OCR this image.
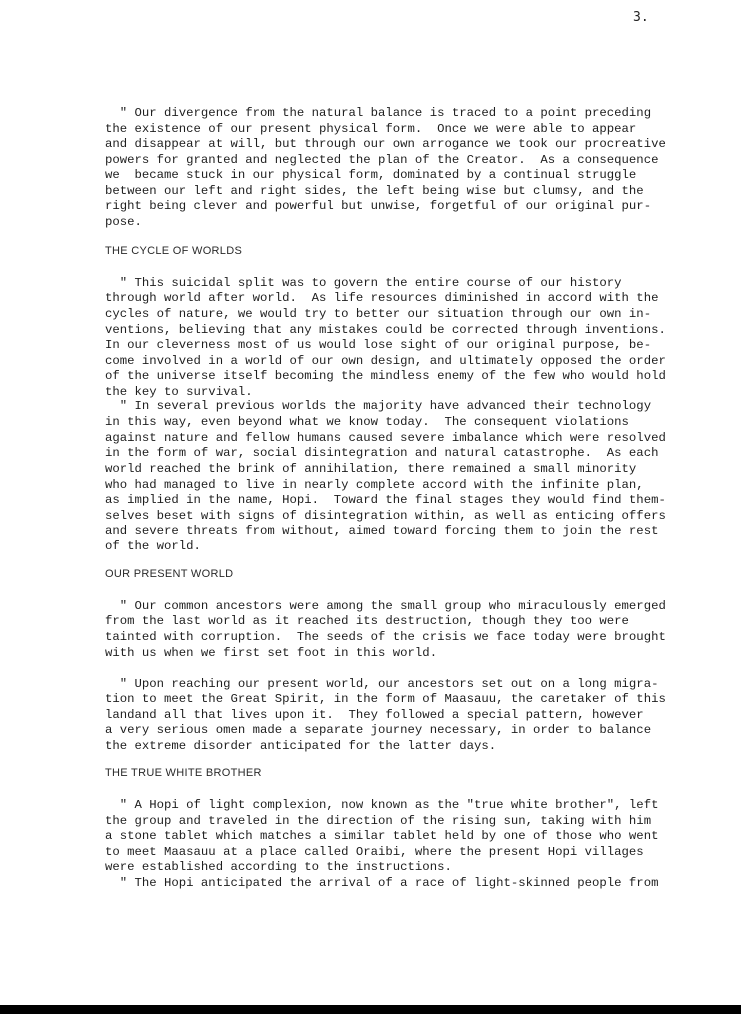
3.
" Our divergence from the natural balance is traced to a point preceding
the existence of our present physical form.  Once we were able to appear
and disappear at will, but through our own arrogance we took our procreative
powers for granted and neglected the plan of the Creator.  As a consequence
we  became stuck in our physical form, dominated by a continual struggle
between our left and right sides, the left being wise but clumsy, and the
right being clever and powerful but unwise, forgetful of our original pur-
pose.
THE CYCLE OF WORLDS
" This suicidal split was to govern the entire course of our history
through world after world.  As life resources diminished in accord with the
cycles of nature, we would try to better our situation through our own in-
ventions, believing that any mistakes could be corrected through inventions.
In our cleverness most of us would lose sight of our original purpose, be-
come involved in a world of our own design, and ultimately opposed the order
of the universe itself becoming the mindless enemy of the few who would hold
the key to survival.
" In several previous worlds the majority have advanced their technology
in this way, even beyond what we know today.  The consequent violations
against nature and fellow humans caused severe imbalance which were resolved
in the form of war, social disintegration and natural catastrophe.  As each
world reached the brink of annihilation, there remained a small minority
who had managed to live in nearly complete accord with the infinite plan,
as implied in the name, Hopi.  Toward the final stages they would find them-
selves beset with signs of disintegration within, as well as enticing offers
and severe threats from without, aimed toward forcing them to join the rest
of the world.
OUR PRESENT WORLD
" Our common ancestors were among the small group who miraculously emerged
from the last world as it reached its destruction, though they too were
tainted with corruption.  The seeds of the crisis we face today were brought
with us when we first set foot in this world.
" Upon reaching our present world, our ancestors set out on a long migra-
tion to meet the Great Spirit, in the form of Maasauu, the caretaker of this
landand all that lives upon it.  They followed a special pattern, however
a very serious omen made a separate journey necessary, in order to balance
the extreme disorder anticipated for the latter days.
THE TRUE WHITE BROTHER
" A Hopi of light complexion, now known as the "true white brother", left
the group and traveled in the direction of the rising sun, taking with him
a stone tablet which matches a similar tablet held by one of those who went
to meet Maasauu at a place called Oraibi, where the present Hopi villages
were established according to the instructions.
" The Hopi anticipated the arrival of a race of light-skinned people from
